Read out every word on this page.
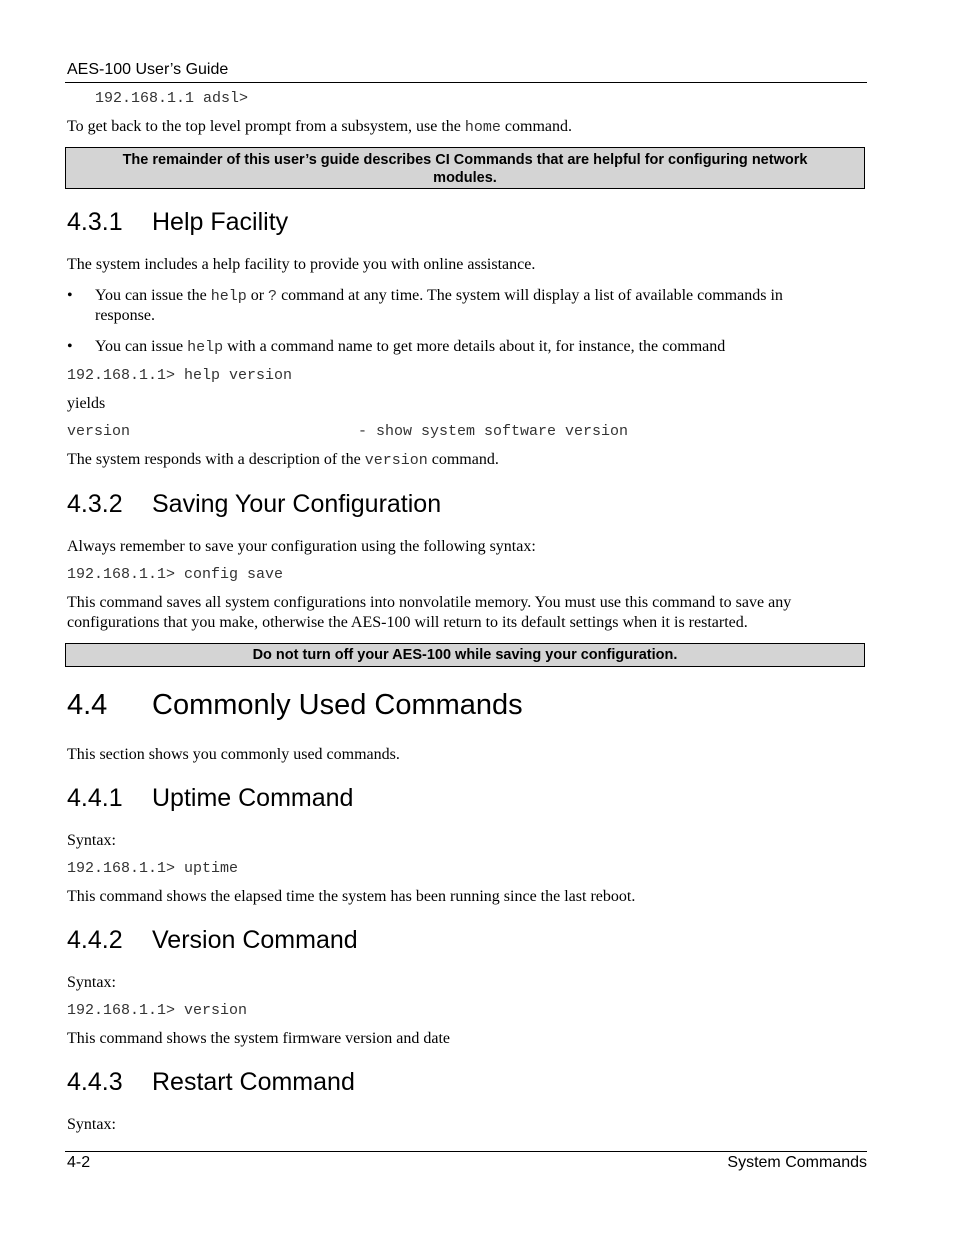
AES-100 User’s Guide
192.168.1.1 adsl>
To get back to the top level prompt from a subsystem, use the home command.
The remainder of this user’s guide describes CI Commands that are helpful for configuring network
modules.
4.3.1 Help Facility
The system includes a help facility to provide you with online assistance.
• You can issue the help or ? command at any time. The system will display a list of available commands in
response.
• You can issue help with a command name to get more details about it, for instance, the command
192.168.1.1> help version
yields
version	- show system software version
The system responds with a description of the version command.
4.3.2 Saving Your Configuration
Always remember to save your configuration using the following syntax:
192.168.1.1> config save
This command saves all system configurations into nonvolatile memory. You must use this command to save any
configurations that you make, otherwise the AES-100 will return to its default settings when it is restarted.
Do not turn off your AES-100 while saving your configuration.
4.4 Commonly Used Commands
This section shows you commonly used commands.
4.4.1 Uptime Command
Syntax:
192.168.1.1> uptime
This command shows the elapsed time the system has been running since the last reboot.
4.4.2 Version Command
Syntax:
192.168.1.1> version
This command shows the system firmware version and date
4.4.3 Restart Command
Syntax:
4-2	System Commands
